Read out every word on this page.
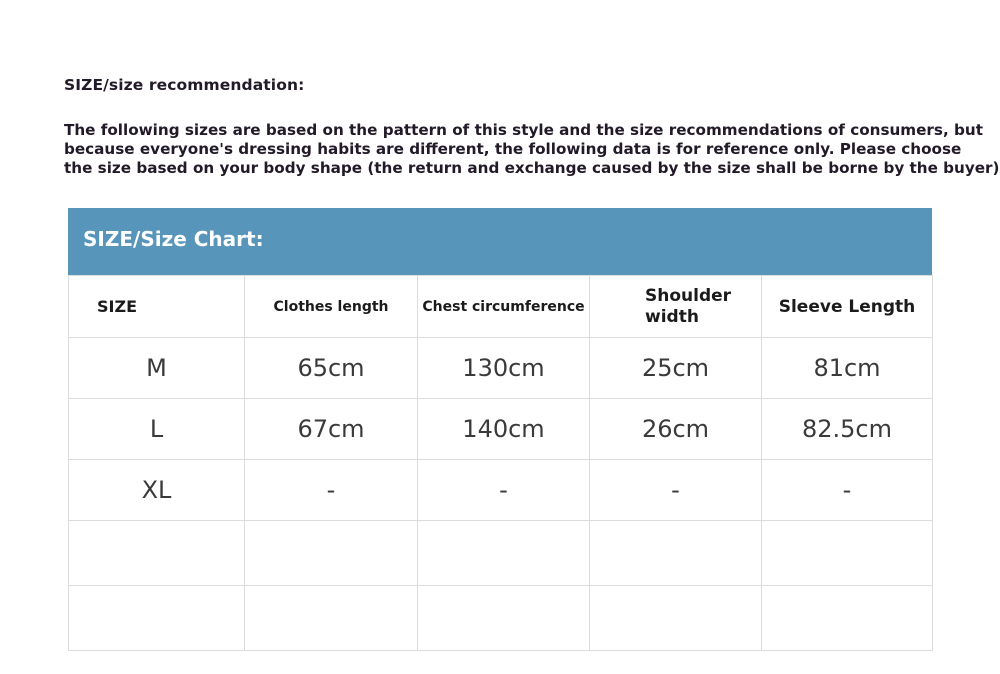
SIZE/size recommendation:

The following sizes are based on the pattern of this style and the size recommendations of consumers, but
because everyone's dressing habits are different, the following data is for reference only. Please choose
the size based on your body shape (the return and exchange caused by the size shall be borne by the buyer)

SIZE/Size Chart:
SIZE	Clothes length	Chest circumference	Shoulder width	Sleeve Length
M	65cm	130cm	25cm	81cm
L	67cm	140cm	26cm	82.5cm
XL	-	-	-	-
